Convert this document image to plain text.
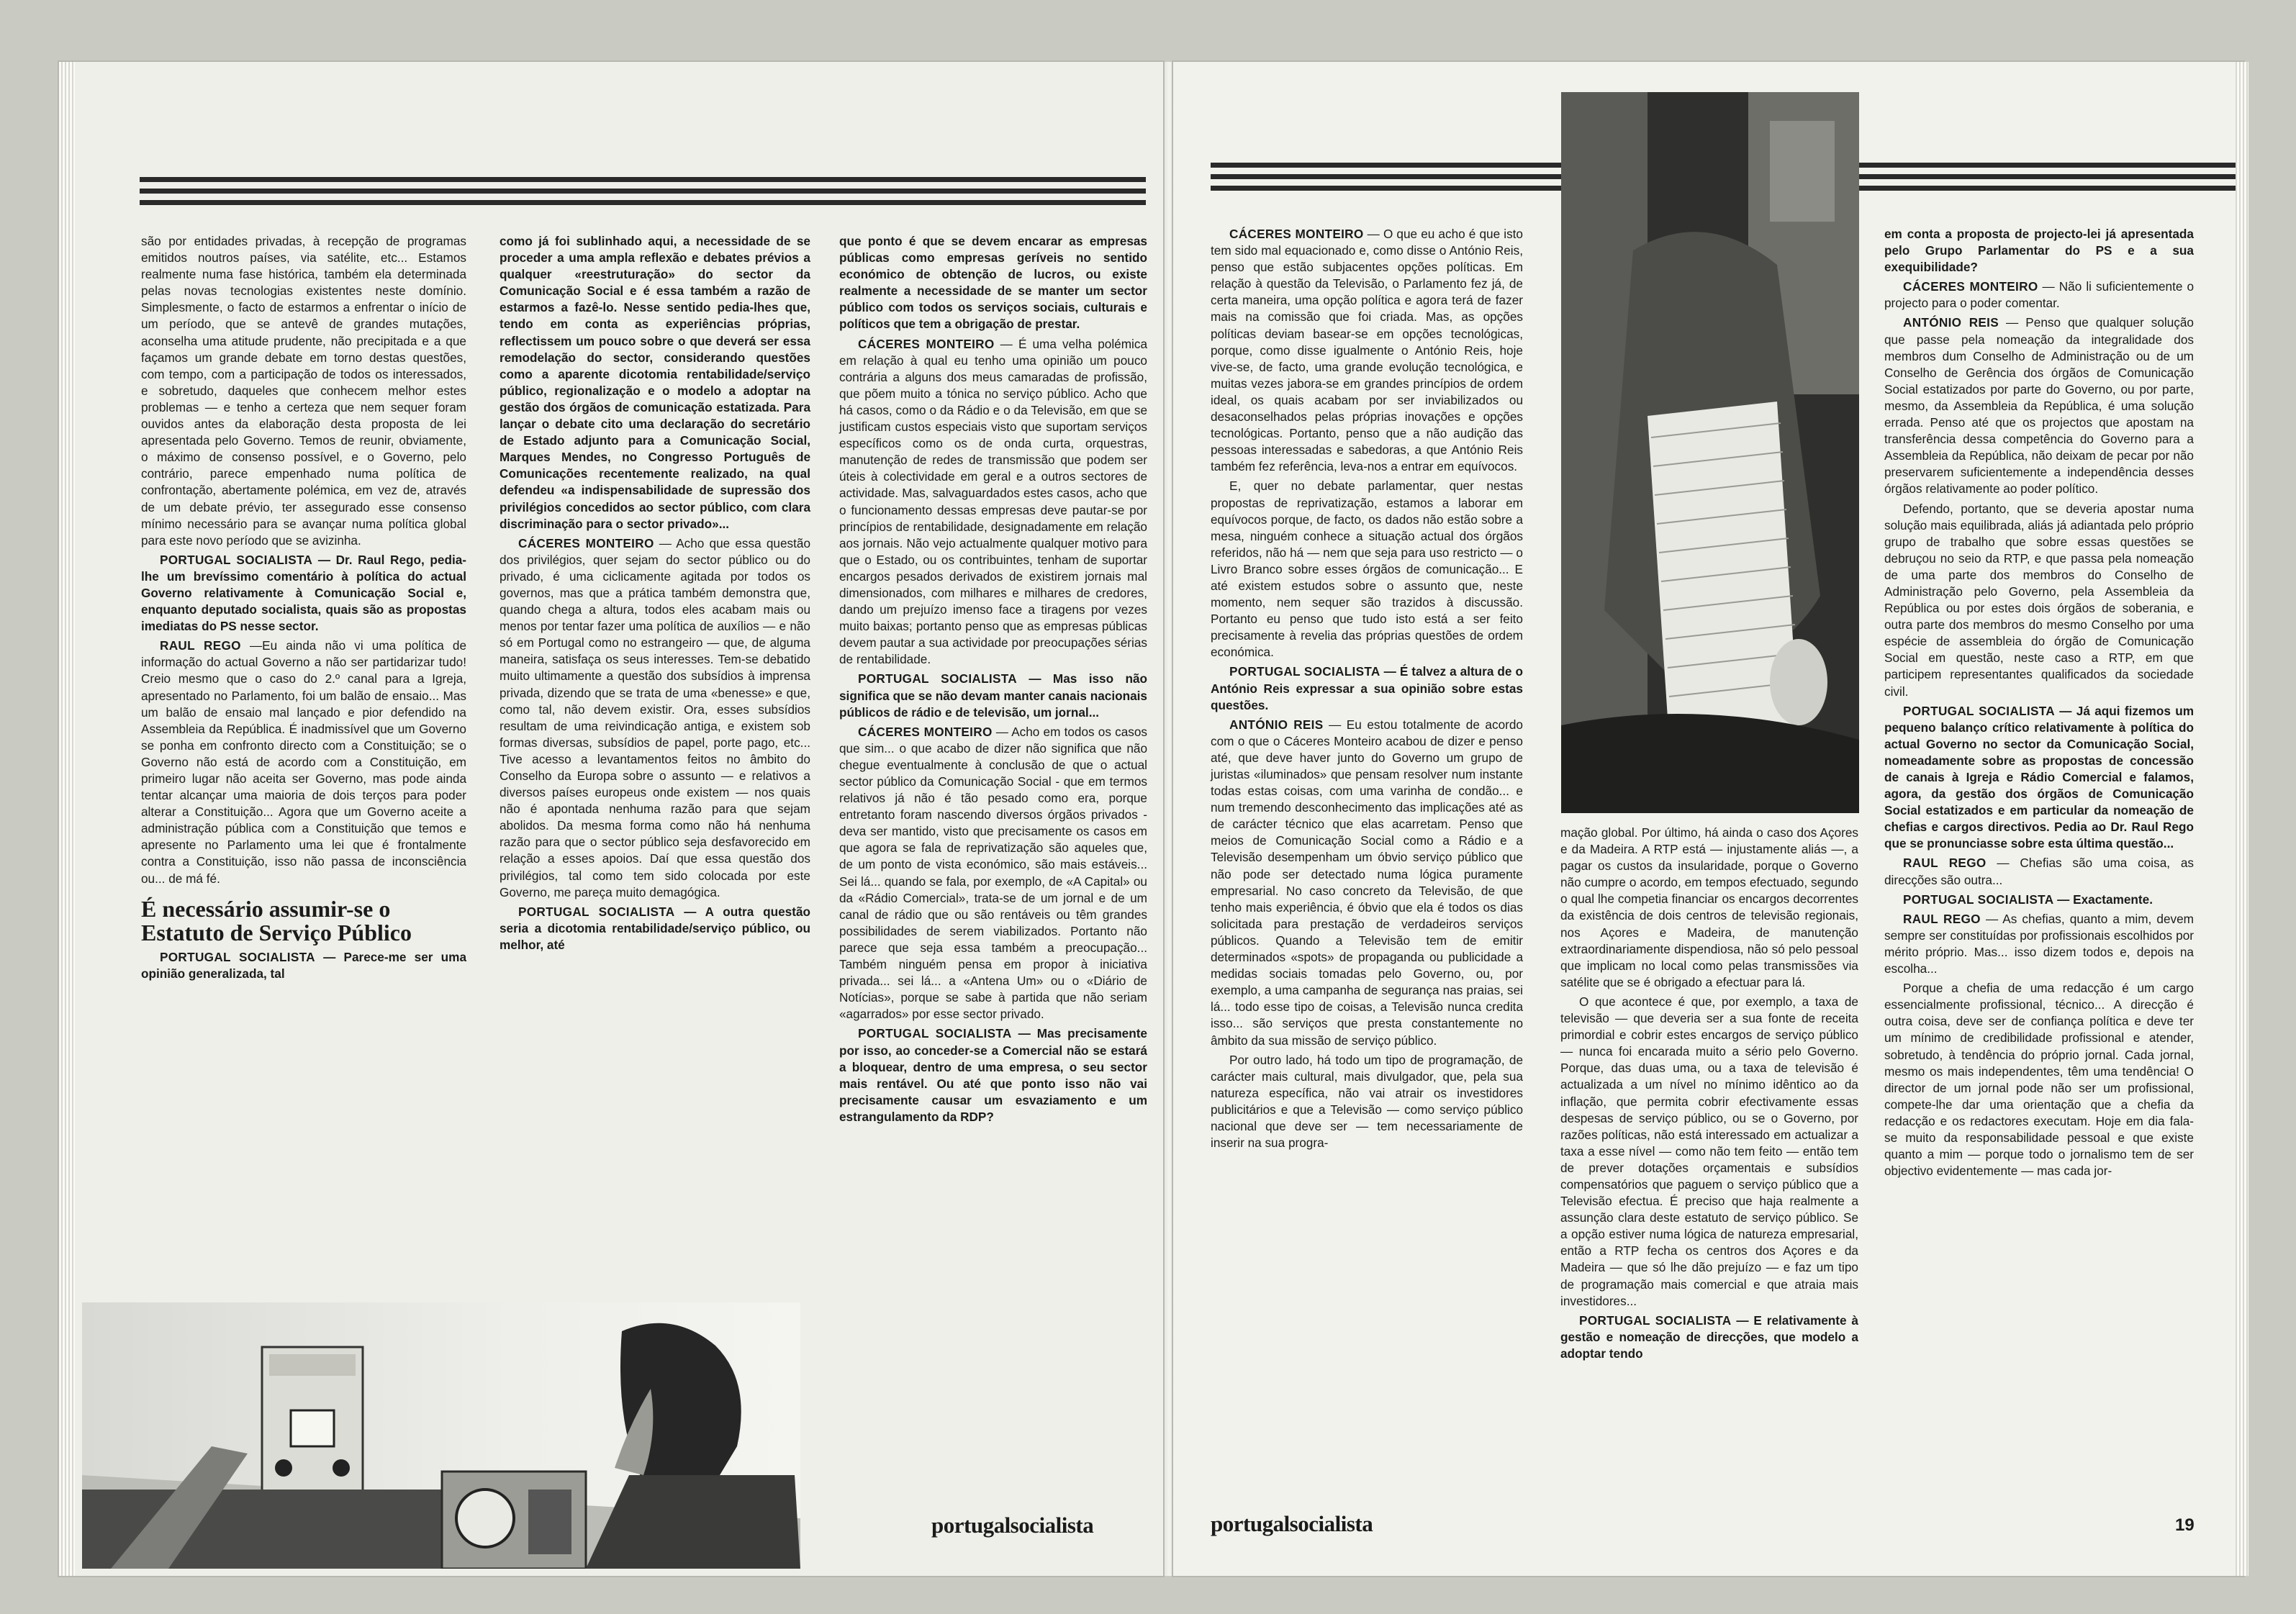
são por entidades privadas, à recepção de programas emitidos noutros países, via satélite, etc... Estamos realmente numa fase histórica, também ela determinada pelas novas tecnologias existentes neste domínio. Simplesmente, o facto de estarmos a enfrentar o início de um período, que se antevê de grandes mutações, aconselha uma atitude prudente, não precipitada e a que façamos um grande debate em torno destas questões, com tempo, com a participação de todos os interessados, e sobretudo, daqueles que conhecem melhor estes problemas — e tenho a certeza que nem sequer foram ouvidos antes da elaboração desta proposta de lei apresentada pelo Governo. Temos de reunir, obviamente, o máximo de consenso possível, e o Governo, pelo contrário, parece empenhado numa política de confrontação, abertamente polémica, em vez de, através de um debate prévio, ter assegurado esse consenso mínimo necessário para se avançar numa política global para este novo período que se avizinha.

PORTUGAL SOCIALISTA — Dr. Raul Rego, pedia-lhe um brevíssimo comentário à política do actual Governo relativamente à Comunicação Social e, enquanto deputado socialista, quais são as propostas imediatas do PS nesse sector.

RAUL REGO —Eu ainda não vi uma política de informação do actual Governo a não ser partidarizar tudo! Creio mesmo que o caso do 2.º canal para a Igreja, apresentado no Parlamento, foi um balão de ensaio... Mas um balão de ensaio mal lançado e pior defendido na Assembleia da República. É inadmissível que um Governo se ponha em confronto directo com a Constituição; se o Governo não está de acordo com a Constituição, em primeiro lugar não aceita ser Governo, mas pode ainda tentar alcançar uma maioria de dois terços para poder alterar a Constituição... Agora que um Governo aceite a administração pública com a Constituição que temos e apresente no Parlamento uma lei que é frontalmente contra a Constituição, isso não passa de inconsciência ou... de má fé.

É necessário assumir-se o Estatuto de Serviço Público

PORTUGAL SOCIALISTA — Parece-me ser uma opinião generalizada, tal

como já foi sublinhado aqui, a necessidade de se proceder a uma ampla reflexão e debates prévios a qualquer «reestruturação» do sector da Comunicação Social e é essa também a razão de estarmos a fazê-lo. Nesse sentido pedia-lhes que, tendo em conta as experiências próprias, reflectissem um pouco sobre o que deverá ser essa remodelação do sector, considerando questões como a aparente dicotomia rentabilidade/serviço público, regionalização e o modelo a adoptar na gestão dos órgãos de comunicação estatizada. Para lançar o debate cito uma declaração do secretário de Estado adjunto para a Comunicação Social, Marques Mendes, no Congresso Português de Comunicações recentemente realizado, na qual defendeu «a indispensabilidade de supressão dos privilégios concedidos ao sector público, com clara discriminação para o sector privado»...

CÁCERES MONTEIRO — Acho que essa questão dos privilégios, quer sejam do sector público ou do privado, é uma ciclicamente agitada por todos os governos, mas que a prática também demonstra que, quando chega a altura, todos eles acabam mais ou menos por tentar fazer uma política de auxílios — e não só em Portugal como no estrangeiro — que, de alguma maneira, satisfaça os seus interesses. Tem-se debatido muito ultimamente a questão dos subsídios à imprensa privada, dizendo que se trata de uma «benesse» e que, como tal, não devem existir. Ora, esses subsídios resultam de uma reivindicação antiga, e existem sob formas diversas, subsídios de papel, porte pago, etc... Tive acesso a levantamentos feitos no âmbito do Conselho da Europa sobre o assunto — e relativos a diversos países europeus onde existem — nos quais não é apontada nenhuma razão para que sejam abolidos. Da mesma forma como não há nenhuma razão para que o sector público seja desfavorecido em relação a esses apoios. Daí que essa questão dos privilégios, tal como tem sido colocada por este Governo, me pareça muito demagógica.

PORTUGAL SOCIALISTA — A outra questão seria a dicotomia rentabilidade/serviço público, ou melhor, até

que ponto é que se devem encarar as empresas públicas como empresas geríveis no sentido económico de obtenção de lucros, ou existe realmente a necessidade de se manter um sector público com todos os serviços sociais, culturais e políticos que tem a obrigação de prestar.

CÁCERES MONTEIRO — É uma velha polémica em relação à qual eu tenho uma opinião um pouco contrária a alguns dos meus camaradas de profissão, que põem muito a tónica no serviço público. Acho que há casos, como o da Rádio e o da Televisão, em que se justificam custos especiais visto que suportam serviços específicos como os de onda curta, orquestras, manutenção de redes de transmissão que podem ser úteis à colectividade em geral e a outros sectores de actividade. Mas, salvaguardados estes casos, acho que o funcionamento dessas empresas deve pautar-se por princípios de rentabilidade, designadamente em relação aos jornais. Não vejo actualmente qualquer motivo para que o Estado, ou os contribuintes, tenham de suportar encargos pesados derivados de existirem jornais mal dimensionados, com milhares e milhares de credores, dando um prejuízo imenso face a tiragens por vezes muito baixas; portanto penso que as empresas públicas devem pautar a sua actividade por preocupações sérias de rentabilidade.

PORTUGAL SOCIALISTA — Mas isso não significa que se não devam manter canais nacionais públicos de rádio e de televisão, um jornal...

CÁCERES MONTEIRO — Acho em todos os casos que sim... o que acabo de dizer não significa que não chegue eventualmente à conclusão de que o actual sector público da Comunicação Social - que em termos relativos já não é tão pesado como era, porque entretanto foram nascendo diversos órgãos privados - deva ser mantido, visto que precisamente os casos em que agora se fala de reprivatização são aqueles que, de um ponto de vista económico, são mais estáveis... Sei lá... quando se fala, por exemplo, de «A Capital» ou da «Rádio Comercial», trata-se de um jornal e de um canal de rádio que ou são rentáveis ou têm grandes possibilidades de serem viabilizados. Portanto não parece que seja essa também a preocupação... Também ninguém pensa em propor à iniciativa privada... sei lá... a «Antena Um» ou o «Diário de Notícias», porque se sabe à partida que não seriam «agarrados» por esse sector privado.

PORTUGAL SOCIALISTA — Mas precisamente por isso, ao conceder-se a Comercial não se estará a bloquear, dentro de uma empresa, o seu sector mais rentável. Ou até que ponto isso não vai precisamente causar um esvaziamento e um estrangulamento da RDP?

portugalsocialista

CÁCERES MONTEIRO — O que eu acho é que isto tem sido mal equacionado e, como disse o António Reis, penso que estão subjacentes opções políticas. Em relação à questão da Televisão, o Parlamento fez já, de certa maneira, uma opção política e agora terá de fazer mais na comissão que foi criada. Mas, as opções políticas deviam basear-se em opções tecnológicas, porque, como disse igualmente o António Reis, hoje vive-se, de facto, uma grande evolução tecnológica, e muitas vezes jabora-se em grandes princípios de ordem ideal, os quais acabam por ser inviabilizados ou desaconselhados pelas próprias inovações e opções tecnológicas. Portanto, penso que a não audição das pessoas interessadas e sabedoras, a que António Reis também fez referência, leva-nos a entrar em equívocos.

E, quer no debate parlamentar, quer nestas propostas de reprivatização, estamos a laborar em equívocos porque, de facto, os dados não estão sobre a mesa, ninguém conhece a situação actual dos órgãos referidos, não há — nem que seja para uso restricto — o Livro Branco sobre esses órgãos de comunicação... E até existem estudos sobre o assunto que, neste momento, nem sequer são trazidos à discussão. Portanto eu penso que tudo isto está a ser feito precisamente à revelia das próprias questões de ordem económica.

PORTUGAL SOCIALISTA — É talvez a altura de o António Reis expressar a sua opinião sobre estas questões.

ANTÓNIO REIS — Eu estou totalmente de acordo com o que o Cáceres Monteiro acabou de dizer e penso até, que deve haver junto do Governo um grupo de juristas «iluminados» que pensam resolver num instante todas estas coisas, com uma varinha de condão... e num tremendo desconhecimento das implicações até as de carácter técnico que elas acarretam. Penso que meios de Comunicação Social como a Rádio e a Televisão desempenham um óbvio serviço público que não pode ser detectado numa lógica puramente empresarial. No caso concreto da Televisão, de que tenho mais experiência, é óbvio que ela é todos os dias solicitada para prestação de verdadeiros serviços públicos. Quando a Televisão tem de emitir determinados «spots» de propaganda ou publicidade a medidas sociais tomadas pelo Governo, ou, por exemplo, a uma campanha de segurança nas praias, sei lá... todo esse tipo de coisas, a Televisão nunca credita isso... são serviços que presta constantemente no âmbito da sua missão de serviço público.

Por outro lado, há todo um tipo de programação, de carácter mais cultural, mais divulgador, que, pela sua natureza específica, não vai atrair os investidores publicitários e que a Televisão — como serviço público nacional que deve ser — tem necessariamente de inserir na sua progra-

mação global. Por último, há ainda o caso dos Açores e da Madeira. A RTP está — injustamente aliás —, a pagar os custos da insularidade, porque o Governo não cumpre o acordo, em tempos efectuado, segundo o qual lhe competia financiar os encargos decorrentes da existência de dois centros de televisão regionais, nos Açores e Madeira, de manutenção extraordinariamente dispendiosa, não só pelo pessoal que implicam no local como pelas transmissões via satélite que se é obrigado a efectuar para lá.

O que acontece é que, por exemplo, a taxa de televisão — que deveria ser a sua fonte de receita primordial e cobrir estes encargos de serviço público — nunca foi encarada muito a sério pelo Governo. Porque, das duas uma, ou a taxa de televisão é actualizada a um nível no mínimo idêntico ao da inflação, que permita cobrir efectivamente essas despesas de serviço público, ou se o Governo, por razões políticas, não está interessado em actualizar a taxa a esse nível — como não tem feito — então tem de prever dotações orçamentais e subsídios compensatórios que paguem o serviço público que a Televisão efectua. É preciso que haja realmente a assunção clara deste estatuto de serviço público. Se a opção estiver numa lógica de natureza empresarial, então a RTP fecha os centros dos Açores e da Madeira — que só lhe dão prejuízo — e faz um tipo de programação mais comercial e que atraia mais investidores...

PORTUGAL SOCIALISTA — E relativamente à gestão e nomeação de direcções, que modelo a adoptar tendo

em conta a proposta de projecto-lei já apresentada pelo Grupo Parlamentar do PS e a sua exequibilidade?

CÁCERES MONTEIRO — Não li suficientemente o projecto para o poder comentar.

ANTÓNIO REIS — Penso que qualquer solução que passe pela nomeação da integralidade dos membros dum Conselho de Administração ou de um Conselho de Gerência dos órgãos de Comunicação Social estatizados por parte do Governo, ou por parte, mesmo, da Assembleia da República, é uma solução errada. Penso até que os projectos que apostam na transferência dessa competência do Governo para a Assembleia da República, não deixam de pecar por não preservarem suficientemente a independência desses órgãos relativamente ao poder político.

Defendo, portanto, que se deveria apostar numa solução mais equilibrada, aliás já adiantada pelo próprio grupo de trabalho que sobre essas questões se debruçou no seio da RTP, e que passa pela nomeação de uma parte dos membros do Conselho de Administração pelo Governo, pela Assembleia da República ou por estes dois órgãos de soberania, e outra parte dos membros do mesmo Conselho por uma espécie de assembleia do órgão de Comunicação Social em questão, neste caso a RTP, em que participem representantes qualificados da sociedade civil.

PORTUGAL SOCIALISTA — Já aqui fizemos um pequeno balanço crítico relativamente à política do actual Governo no sector da Comunicação Social, nomeadamente sobre as propostas de concessão de canais à Igreja e Rádio Comercial e falamos, agora, da gestão dos órgãos de Comunicação Social estatizados e em particular da nomeação de chefias e cargos directivos. Pedia ao Dr. Raul Rego que se pronunciasse sobre esta última questão...

RAUL REGO — Chefias são uma coisa, as direcções são outra...

PORTUGAL SOCIALISTA — Exactamente.

RAUL REGO — As chefias, quanto a mim, devem sempre ser constituídas por profissionais escolhidos por mérito próprio. Mas... isso dizem todos e, depois na escolha...

Porque a chefia de uma redacção é um cargo essencialmente profissional, técnico... A direcção é outra coisa, deve ser de confiança política e deve ter um mínimo de credibilidade profissional e atender, sobretudo, à tendência do próprio jornal. Cada jornal, mesmo os mais independentes, têm uma tendência! O director de um jornal pode não ser um profissional, compete-lhe dar uma orientação que a chefia da redacção e os redactores executam. Hoje em dia fala-se muito da responsabilidade pessoal e que existe quanto a mim — porque todo o jornalismo tem de ser objectivo evidentemente — mas cada jor-

portugalsocialista	19
